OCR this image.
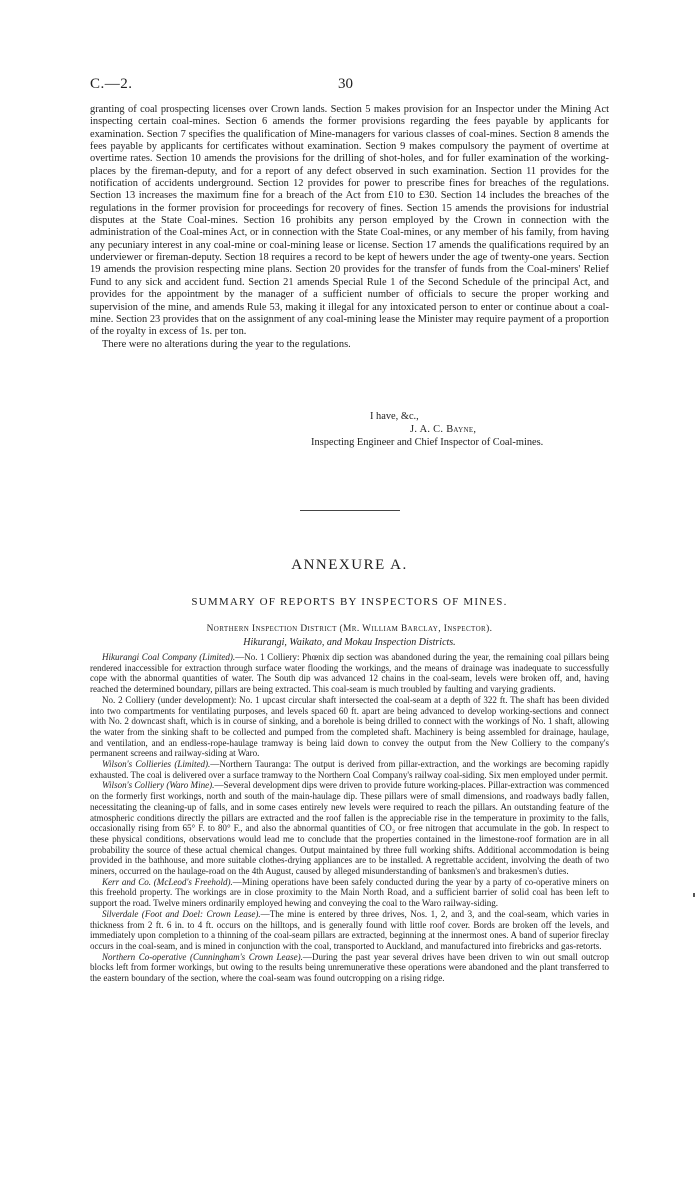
C.—2.	30

granting of coal prospecting licenses over Crown lands. Section 5 makes provision for an Inspector under the Mining Act inspecting certain coal-mines. Section 6 amends the former provisions regarding the fees payable by applicants for examination. Section 7 specifies the qualification of Mine-managers for various classes of coal-mines. Section 8 amends the fees payable by applicants for certificates without examination. Section 9 makes compulsory the payment of overtime at overtime rates. Section 10 amends the provisions for the drilling of shot-holes, and for fuller examination of the working-places by the fireman-deputy, and for a report of any defect observed in such examination. Section 11 provides for the notification of accidents underground. Section 12 provides for power to prescribe fines for breaches of the regulations. Section 13 increases the maximum fine for a breach of the Act from £10 to £30. Section 14 includes the breaches of the regulations in the former provision for proceedings for recovery of fines. Section 15 amends the provisions for industrial disputes at the State Coal-mines. Section 16 prohibits any person employed by the Crown in connection with the administration of the Coal-mines Act, or in connection with the State Coal-mines, or any member of his family, from having any pecuniary interest in any coal-mine or coal-mining lease or license. Section 17 amends the qualifications required by an underviewer or fireman-deputy. Section 18 requires a record to be kept of hewers under the age of twenty-one years. Section 19 amends the provision respecting mine plans. Section 20 provides for the transfer of funds from the Coal-miners' Relief Fund to any sick and accident fund. Section 21 amends Special Rule 1 of the Second Schedule of the principal Act, and provides for the appointment by the manager of a sufficient number of officials to secure the proper working and supervision of the mine, and amends Rule 53, making it illegal for any intoxicated person to enter or continue about a coal-mine. Section 23 provides that on the assignment of any coal-mining lease the Minister may require payment of a proportion of the royalty in excess of 1s. per ton.

There were no alterations during the year to the regulations.

I have, &c.,
J. A. C. Bayne,
Inspecting Engineer and Chief Inspector of Coal-mines.
ANNEXURE A.
SUMMARY OF REPORTS BY INSPECTORS OF MINES.
Northern Inspection District (Mr. William Barclay, Inspector).
Hikurangi, Waikato, and Mokau Inspection Districts.

Hikurangi Coal Company (Limited).—No. 1 Colliery: Phœnix dip section was abandoned during the year, the remaining coal pillars being rendered inaccessible for extraction through surface water flooding the workings, and the means of drainage was inadequate to successfully cope with the abnormal quantities of water. The South dip was advanced 12 chains in the coal-seam, levels were broken off, and, having reached the determined boundary, pillars are being extracted. This coal-seam is much troubled by faulting and varying gradients.

No. 2 Colliery (under development): No. 1 upcast circular shaft intersected the coal-seam at a depth of 322 ft. The shaft has been divided into two compartments for ventilating purposes, and levels spaced 60 ft. apart are being advanced to develop working-sections and connect with No. 2 downcast shaft, which is in course of sinking, and a borehole is being drilled to connect with the workings of No. 1 shaft, allowing the water from the sinking shaft to be collected and pumped from the completed shaft. Machinery is being assembled for drainage, haulage, and ventilation, and an endless-rope-haulage tramway is being laid down to convey the output from the New Colliery to the company's permanent screens and railway-siding at Waro.

Wilson's Collieries (Limited).—Northern Tauranga: The output is derived from pillar-extraction, and the workings are becoming rapidly exhausted. The coal is delivered over a surface tramway to the Northern Coal Company's railway coal-siding. Six men employed under permit.

Wilson's Colliery (Waro Mine).—Several development dips were driven to provide future working-places. Pillar-extraction was commenced on the formerly first workings, north and south of the main-haulage dip. These pillars were of small dimensions, and roadways badly fallen, necessitating the cleaning-up of falls, and in some cases entirely new levels were required to reach the pillars. An outstanding feature of the atmospheric conditions directly the pillars are extracted and the roof fallen is the appreciable rise in the temperature in proximity to the falls, occasionally rising from 65° F. to 80° F., and also the abnormal quantities of CO₂ or free nitrogen that accumulate in the gob. In respect to these physical conditions, observations would lead me to conclude that the properties contained in the limestone-roof formation are in all probability the source of these actual chemical changes. Output maintained by three full working shifts. Additional accommodation is being provided in the bathhouse, and more suitable clothes-drying appliances are to be installed. A regrettable accident, involving the death of two miners, occurred on the haulage-road on the 4th August, caused by alleged misunderstanding of banksmen's and brakesmen's duties.

Kerr and Co. (McLeod's Freehold).—Mining operations have been safely conducted during the year by a party of co-operative miners on this freehold property. The workings are in close proximity to the Main North Road, and a sufficient barrier of solid coal has been left to support the road. Twelve miners ordinarily employed hewing and conveying the coal to the Waro railway-siding.

Silverdale (Foot and Doel: Crown Lease).—The mine is entered by three drives, Nos. 1, 2, and 3, and the coal-seam, which varies in thickness from 2 ft. 6 in. to 4 ft. occurs on the hilltops, and is generally found with little roof cover. Bords are broken off the levels, and immediately upon completion to a thinning of the coal-seam pillars are extracted, beginning at the innermost ones. A band of superior fireclay occurs in the coal-seam, and is mined in conjunction with the coal, transported to Auckland, and manufactured into firebricks and gas-retorts.

Northern Co-operative (Cunningham's Crown Lease).—During the past year several drives have been driven to win out small outcrop blocks left from former workings, but owing to the results being unremunerative these operations were abandoned and the plant transferred to the eastern boundary of the section, where the coal-seam was found outcropping on a rising ridge.
